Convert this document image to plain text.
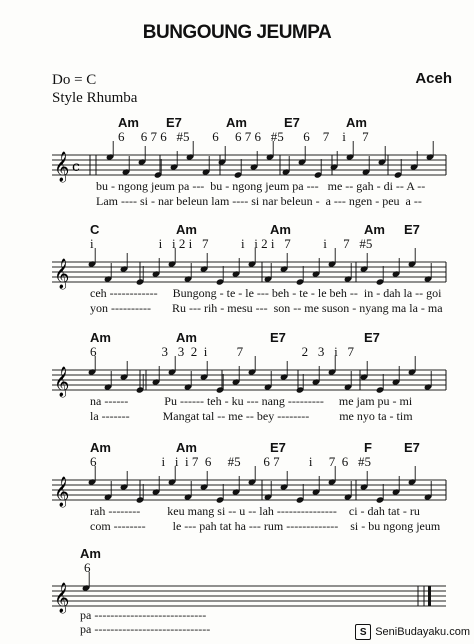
BUNGOUNG JEUMPA
Do = C
Style Rhumba
Aceh
Am E7	Am	E7	Am
6     6 7 6   #5       6     6 7 6   #5      6    7    i     7
𝄞 c
bu - ngong jeum pa ---  bu - ngong jeum pa ---   me -- gah - di -- A --
Lam ---- si - nar beleun lam ---- si nar beleun -  a --- ngen - peu  a --
C	Am	Am	Am E7
i                    i   i 2 i   7          i   i 2 i   7          i     7   #5
𝄞
ceh ------------     Bungong - te - le --- beh - te - le beh --  in - dah la -- goi
yon ----------       Ru --- rih - mesu ---  son -- me suson - nyang ma la - ma
Am	Am	E7	E7
6                    3   3  2  i         7                  2   3   i   7
𝄞
na ------            Pu ------ teh - ku --- nang ---------     me jam pu - mi
la -------           Mangat tal -- me -- bey --------          me nyo ta - tim
Am	Am	E7	F E7
6                    i   i  i 7  6     #5       6 7         i     7  6   #5
𝄞
rah --------         keu mang si -- u -- lah ---------------    ci - dah tat - ru
com --------         le --- pah tat ha --- rum -------------    si - bu ngong jeum
Am
6
𝄞
pa ----------------------------
pa -----------------------------	S SeniBudayaku.com
